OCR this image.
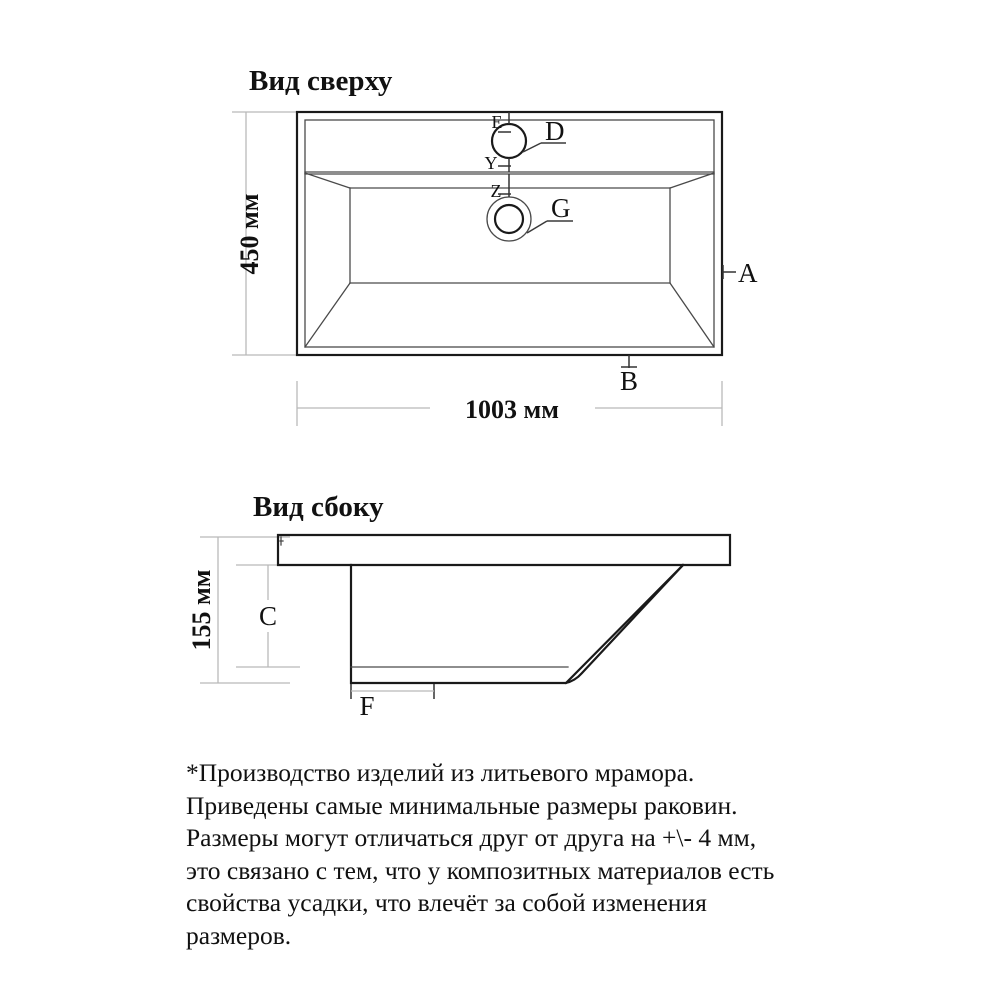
Вид сверху
450 мм
E
Y
D
Z
G
A
B
1003 мм
Вид сбоку
155 мм C
F
*Производство изделий из литьевого мрамора.
Приведены самые минимальные размеры раковин.
Размеры могут отличаться друг от друга на +\- 4 мм,
это связано с тем, что у композитных материалов есть
свойства усадки, что влечёт за собой изменения
размеров.
